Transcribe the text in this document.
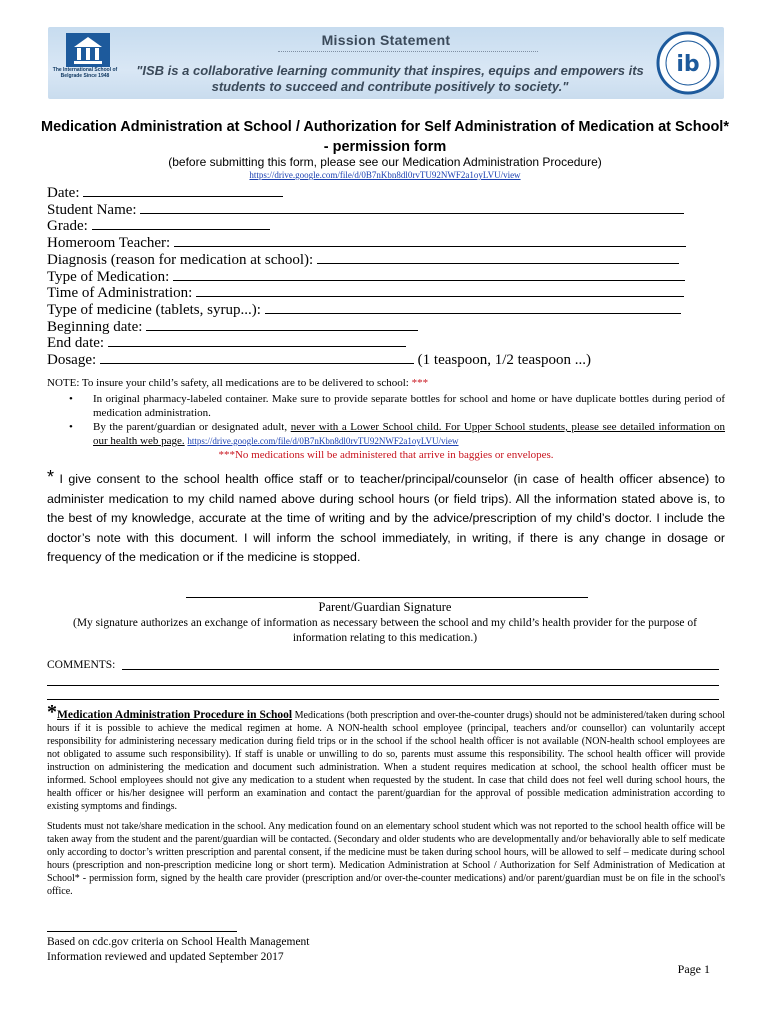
The International School of Belgrade Since 1948
Mission Statement
"ISB is a collaborative learning community that inspires, equips and empowers its students to succeed and contribute positively to society."
ib
Medication Administration at School / Authorization for Self Administration of Medication at School* - permission form
(before submitting this form, please see our Medication Administration Procedure)
https://drive.google.com/file/d/0B7nKbn8dl0rvTU92NWF2a1oyLVU/view
Date:
Student Name:
Grade:
Homeroom Teacher:
Diagnosis (reason for medication at school):
Type of Medication:
Time of Administration:
Type of medicine (tablets, syrup...):
Beginning date:
End date:
Dosage:	(1 teaspoon, 1/2 teaspoon ...)
NOTE: To insure your child’s safety, all medications are to be delivered to school: ***
• In original pharmacy-labeled container. Make sure to provide separate bottles for school and home or have duplicate bottles during period of medication administration.
• By the parent/guardian or designated adult, never with a Lower School child. For Upper School students, please see detailed information on our health web page. https://drive.google.com/file/d/0B7nKbn8dl0rvTU92NWF2a1oyLVU/view
***No medications will be administered that arrive in baggies or envelopes.
* I give consent to the school health office staff or to teacher/principal/counselor (in case of health officer absence) to administer medication to my child named above during school hours (or field trips). All the information stated above is, to the best of my knowledge, accurate at the time of writing and by the advice/prescription of my child’s doctor. I include the doctor’s note with this document. I will inform the school immediately, in writing, if there is any change in dosage or frequency of the medication or if the medicine is stopped.
Parent/Guardian Signature
(My signature authorizes an exchange of information as necessary between the school and my child’s health provider for the purpose of information relating to this medication.)
COMMENTS:

*Medication Administration Procedure in School Medications (both prescription and over-the-counter drugs) should not be administered/taken during school hours if it is possible to achieve the medical regimen at home. A NON-health school employee (principal, teachers and/or counsellor) can voluntarily accept responsibility for administering necessary medication during field trips or in the school if the school health officer is not available (NON-health school employees are not obligated to assume such responsibility). If staff is unable or unwilling to do so, parents must assume this responsibility. The school health officer will provide instruction on administering the medication and document such administration. When a student requires medication at school, the school health officer must be informed. School employees should not give any medication to a student when requested by the student. In case that child does not feel well during school hours, the health officer or his/her designee will perform an examination and contact the parent/guardian for the approval of possible medication administration according to existing symptoms and findings.

Students must not take/share medication in the school. Any medication found on an elementary school student which was not reported to the school health office will be taken away from the student and the parent/guardian will be contacted. (Secondary and older students who are developmentally and/or behaviorally able to self medicate only according to doctor’s written prescription and parental consent, if the medicine must be taken during school hours, will be allowed to self – medicate during school hours (prescription and non-prescription medicine long or short term). Medication Administration at School / Authorization for Self Administration of Medication at School* - permission form, signed by the health care provider (prescription and/or over-the-counter medications) and/or parent/guardian must be on file in the school's office.

Based on cdc.gov criteria on School Health Management
Information reviewed and updated September 2017
Page 1
